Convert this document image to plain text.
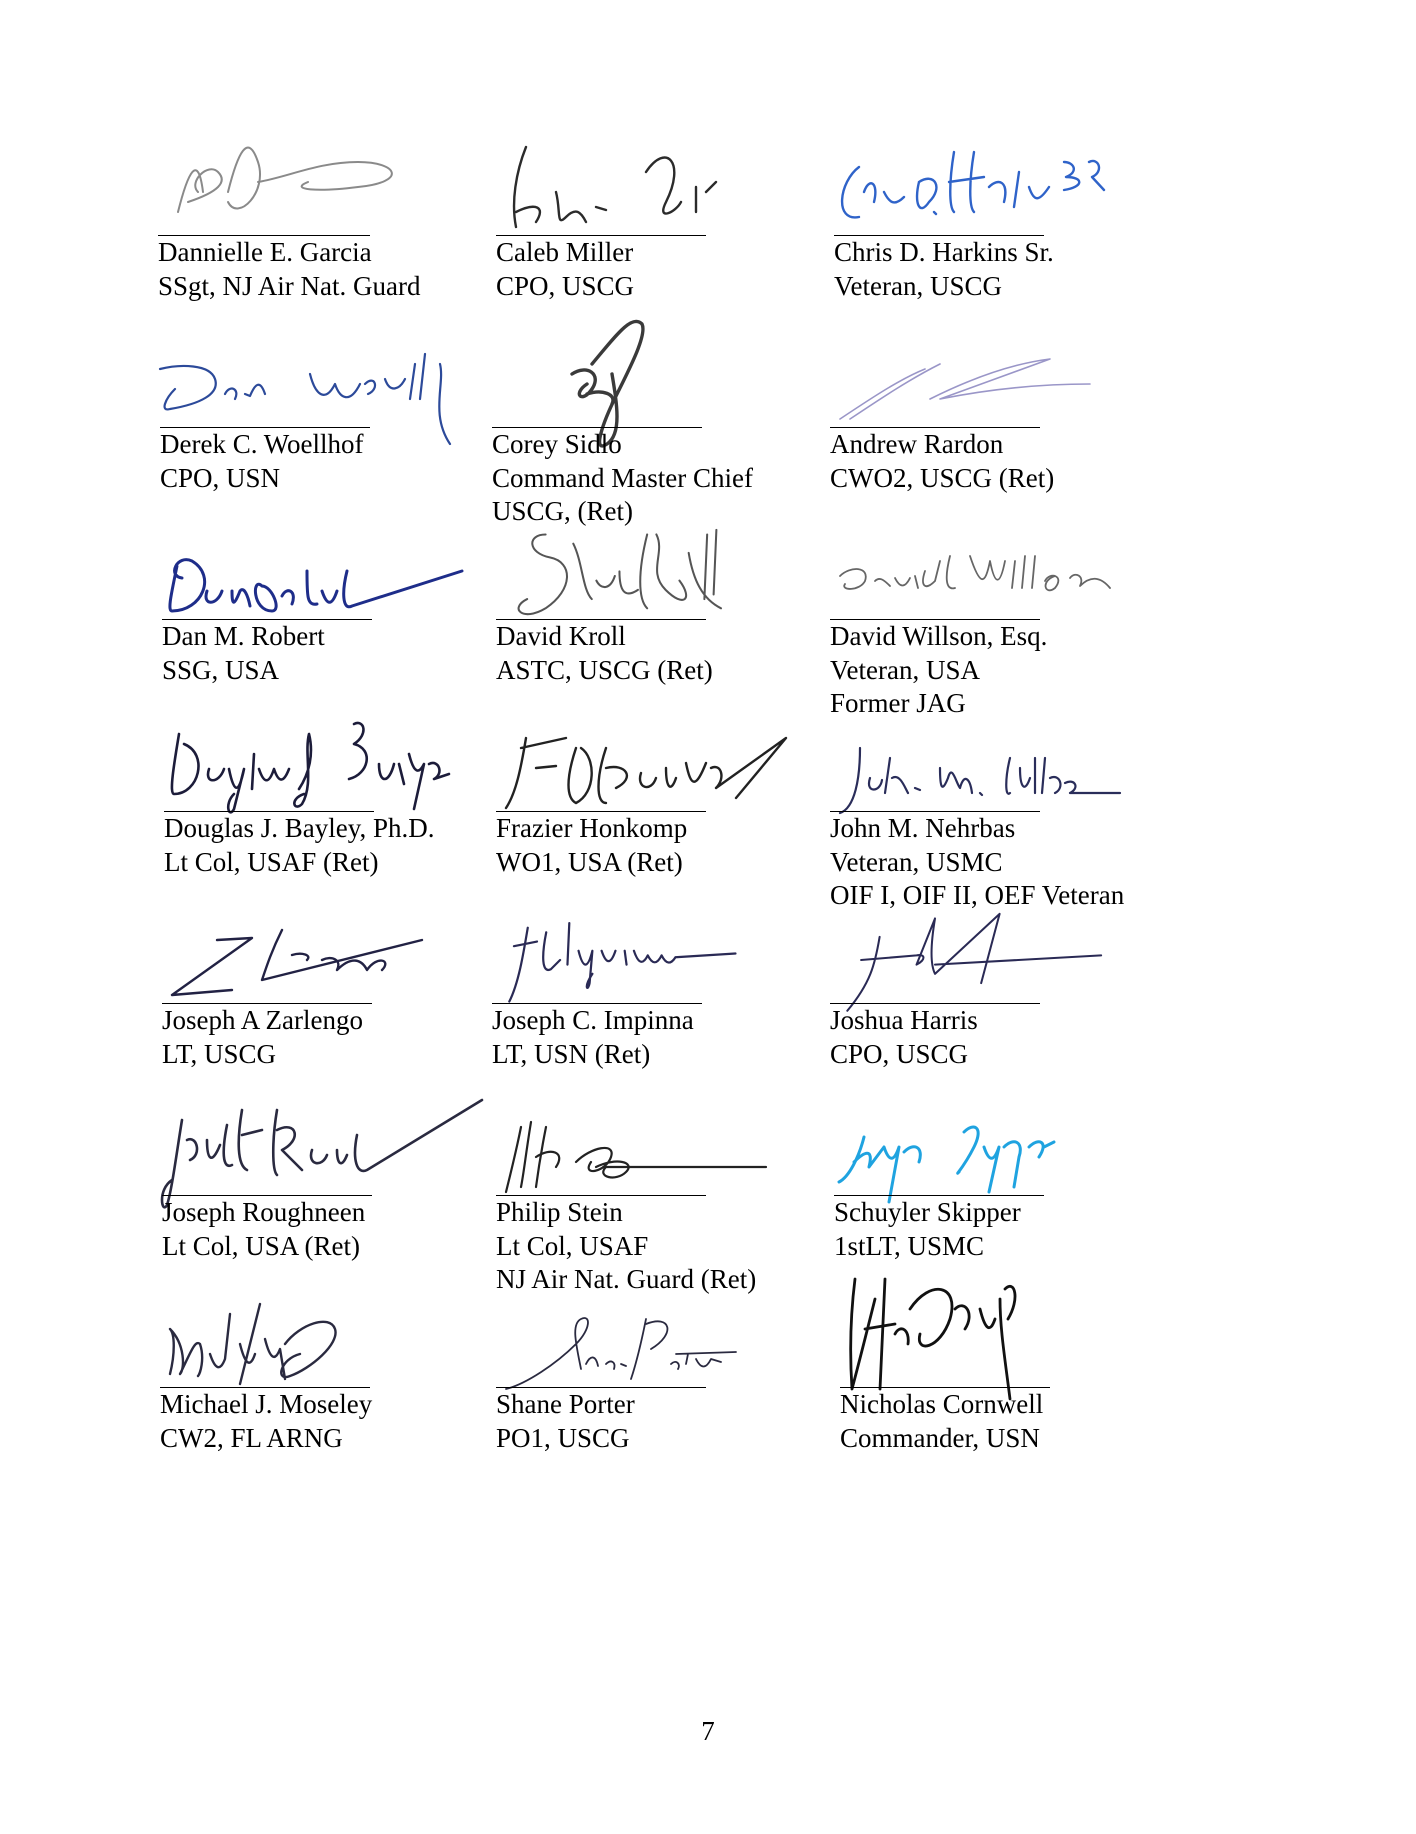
Dannielle E. Garcia
SSgt, NJ Air Nat. Guard
Caleb Miller
CPO, USCG
Chris D. Harkins Sr.
Veteran, USCG
Derek C. Woellhof
CPO, USN
Corey Sidlo
Command Master Chief
USCG, (Ret)
Andrew Rardon
CWO2, USCG (Ret)
Dan M. Robert
SSG, USA
David Kroll
ASTC, USCG (Ret)
David Willson, Esq.
Veteran, USA
Former JAG
Douglas J. Bayley, Ph.D.
Lt Col, USAF (Ret)
Frazier Honkomp
WO1, USA (Ret)
John M. Nehrbas
Veteran, USMC
OIF I, OIF II, OEF Veteran
Joseph A Zarlengo
LT, USCG
Joseph C. Impinna
LT, USN (Ret)
Joshua Harris
CPO, USCG
Joseph Roughneen
Lt Col, USA (Ret)
Philip Stein
Lt Col, USAF
NJ Air Nat. Guard (Ret)
Schuyler Skipper
1stLT, USMC
Michael J. Moseley
CW2, FL ARNG
Shane Porter
PO1, USCG
Nicholas Cornwell
Commander, USN
7
